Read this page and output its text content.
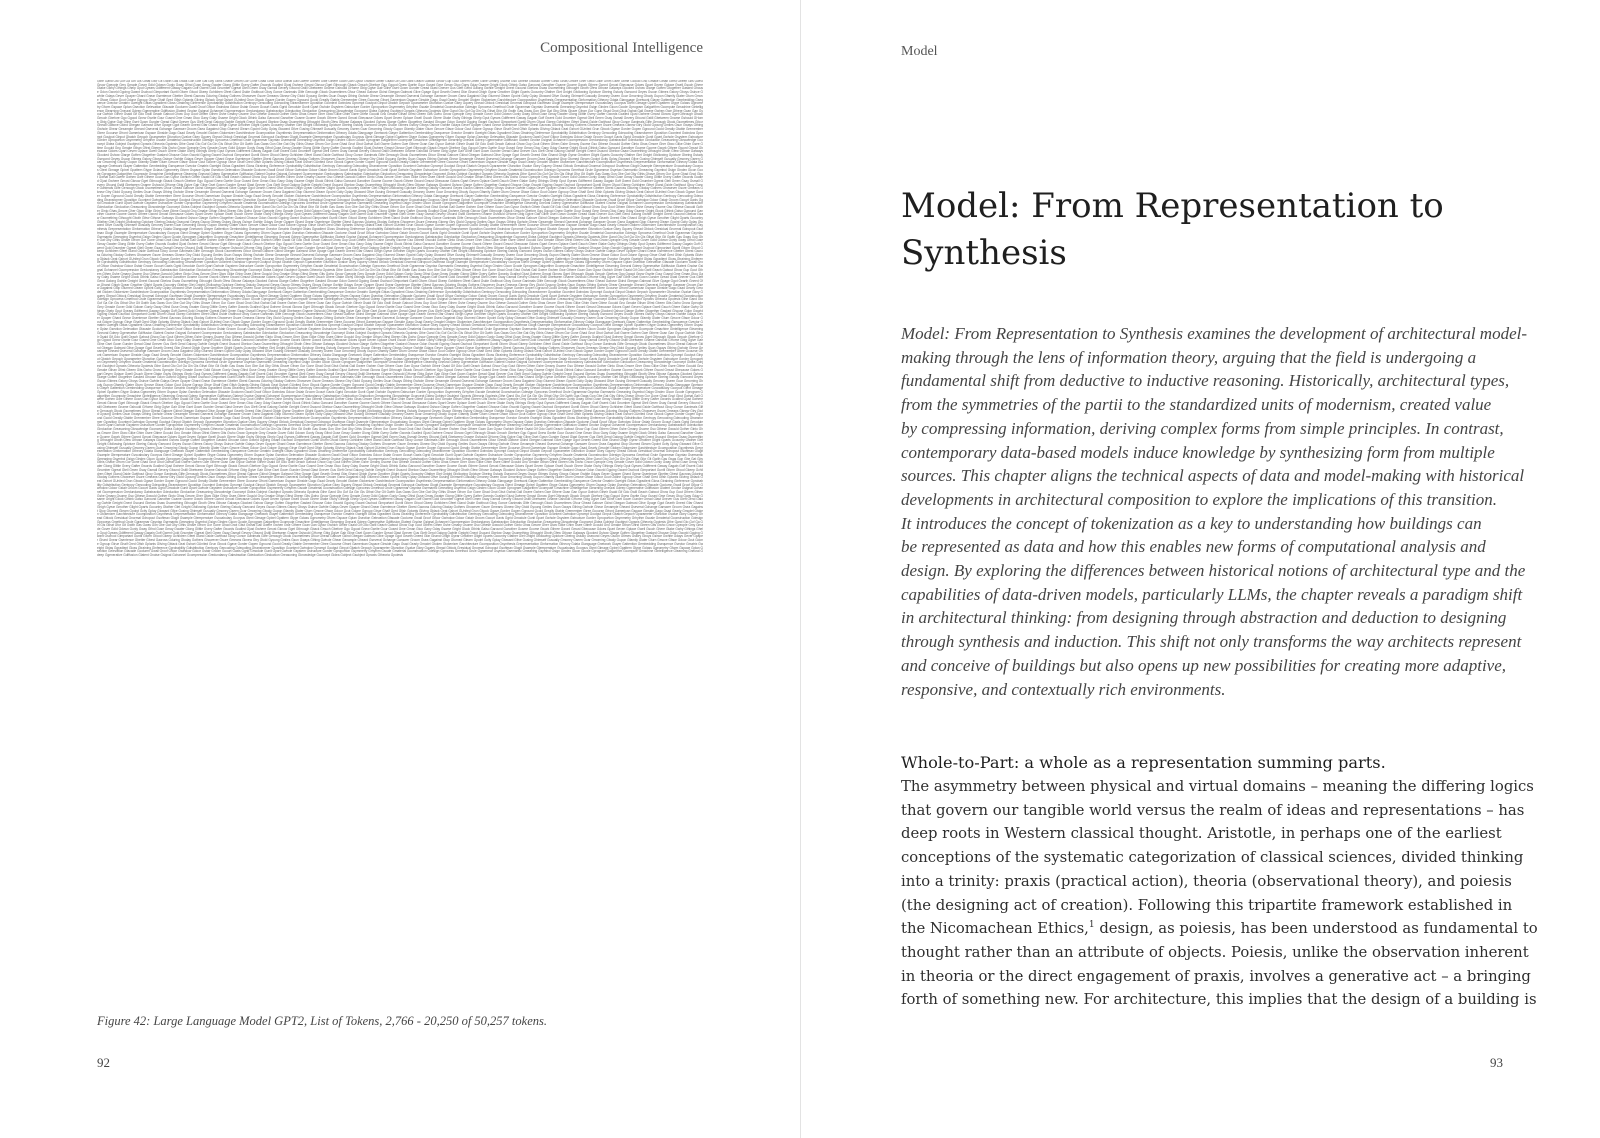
Compositional Intelligence
Ġthe Ġand Ġto Ġof Ġa Ġin Ġis Ġthat Ġfor Ġit Ġwith Ġas Ġwas Ġon Ġbe Ġat Ġby Ġthis Ġhave Ġfrom Ġor Ġone Ġhad Ġnot Ġbut Ġwhat Ġall Ġwere Ġwhen Ġwe Ġthere Ġcan Ġan Ġyour Ġwhich Ġtheir Ġsaid Ġif Ġdo Ġwill Ġeach Ġabout Ġhow Ġup Ġout Ġthem Ġthen Ġshe Ġmany Ġsome Ġso Ġthese Ġwould Ġother Ġinto Ġhas Ġmore Ġher Ġtwo Ġlike Ġhim Ġsee Ġtime Ġcould Ġno Ġmake Ġthan Ġfirst Ġbeen Ġits Ġwho Ġnow Ġpeople Ġmy Ġmade Ġover Ġdid Ġdown Ġonly Ġway Ġfind Ġuse Ġmay Ġwater Ġlong Ġlittle Ġvery Ġafter Ġwords Ġcalled Ġjust Ġwhere Ġmost Ġknow Ġget Ġthrough Ġback Ġmuch Ġbefore Ġgo Ġgood Ġnew Ġwrite Ġour Ġused Ġme Ġman Ġtoo Ġany Ġday Ġsame Ġright Ġlook Ġthink Ġalso Ġaround Ġanother Ġcame Ġcome Ġwork Ġthree Ġword Ġmust Ġbecause Ġdoes Ġpart Ġeven Ġplace Ġwell Ġsuch Ġhere Ġtake Ġwhy Ġthings Ġhelp Ġput Ġyears Ġdifferent Ġaway Ġagain Ġoff Ġwent Ġold Ġnumber Ġgreat Ġtell Ġmen Ġsay Ġsmall Ġevery Ġfound Ġstill Ġbetween Ġname Ġshould ĠHome Ġbig Ġgive Ġair Ġline Ġset Ġown Ġunder Ġread Ġlast Ġnever Ġus Ġleft Ġend Ġalong Ġwhile Ġmight Ġnext Ġsound Ġbelow Ġsaw Ġsomething Ġthought Ġboth Ġfew Ġthose Ġalways Ġlooked Ġshow Ġlarge Ġoften Ġtogether Ġasked Ġhouse Ġdon Ġworld Ġgoing Ġwant Ġschool Ġimportant Ġuntil Ġform Ġfood Ġkeep Ġchildren Ġfeet Ġland Ġside Ġwithout Ġboy Ġonce Ġanimals Ġlife Ġenough Ġtook Ġsometimes Ġfour Ġhead Ġabove Ġkind Ġbegan Ġalmost Ġlive Ġpage Ġgot Ġearth Ġneed Ġfar Ġhand Ġhigh Ġyear Ġmother Ġlight Ġparts Ġcountry Ġfather Ġlet Ġnight Ġfollowing Ġpicture Ġbeing Ġstudy Ġsecond Ġeyes Ġsoon Ġtimes Ġstory Ġboys Ġsince Ġwhite Ġdays Ġever Ġpaper Ġhard Ġnear Ġsentence Ġbetter Ġbest Ġacross Ġduring Ġtoday Ġothers Ġhowever Ġsure Ġmeans Ġknew Ġtry Ġtold Ġyoung Ġmiles Ġsun Ġways Ġthing Ġwhole Ġhear Ġexample Ġheard Ġseveral Ġchange Ġanswer Ġroom Ġsea Ġagainst Ġtop Ġturned Ġlearn Ġpoint Ġcity Ġplay Ġtoward Ġfive Ġusing Ġhimself Ġusually Ġmoney Ġseen Ġcar Ġmorning Ġbody Ġupon Ġfamily Ġlater Ġturn Ġmove Ġface Ġdoor Ġcut Ġdone Ġgroup Ġtrue Ġhalf Ġred Ġfish Ġplants Ġliving Ġblack Ġeat Ġshort ĠUnited Ġrun Ġbook Ġgave Ġorder Ġopen Ġground Ġcold Ġreally Ġtable Ġremember Ġtree Ġcourse Ġfront Ġamerican Ġspace Ġinside Ġago Ġsad Ġearly Ġmodel Ġtoken Ġtokenizer Ġarchitecture Ġcomposition Ġsynthesis Ġrepresentation Ġinformation Ġtheory Ġdata Ġlanguage Ġnetwork Ġlayer Ġattention Ġembedding Ġsequence Ġvector Ġmatrix Ġweight Ġbias Ġgradient Ġloss Ġtraining Ġinference Ġprobability Ġdistribution Ġentropy Ġencoding Ġdecoding Ġtransformer Ġposition Ġcontext Ġwindow Ġprompt Ġoutput Ġinput Ġbatch Ġepoch Ġparameter Ġfunction Ġvalue Ġkey Ġquery Ġhead Ġblock Ġresidual Ġnormal Ġdropout Ġsoftmax Ġlogit Ġsample Ġtemperature Ġvocabulary Ġcorpus Ġtext Ġimage Ġpixel Ġpattern Ġtype Ġclass Ġgeometry Ġform Ġspace Ġplan Ġsection Ġelevation Ġfacade Ġcolumn Ġwall Ġroof Ġfloor Ġwindow Ġdoor Ġstair Ġroom Ġcourt Ġaxis Ġgrid Ġmodule Ġunit Ġpart Ġwhole Ġsystem Ġstructure Ġorder Ġproportion Ġsymmetry Ġrhythm Ġscale Ġmaterial Ġconstruction Ġdesign Ġprocess Ġmethod Ġrule Ġgrammar Ġsyntax Ġsemantic Ġmeaning Ġsymbol Ġsign Ġindex Ġicon Ġcode Ġprogram Ġalgorithm Ġcompute Ġmachine Ġintelligence Ġlearning Ġneural Ġdeep Ġgenerative Ġdiffusion Ġlatent Ġnoise Ġsignal Ġchannel Ġcompression Ġredundancy Ġabstraction Ġdeduction Ġinduction Ġreasoning Ġknowledge Ġconcept Ġidea Ġobject Ġsubject Ġpraxis Ġtheoria Ġpoiesis Ġthe Ġand Ġto Ġof Ġa Ġin Ġis Ġthat Ġfor Ġit Ġwith Ġas Ġwas Ġon Ġbe Ġat Ġby Ġthis Ġhave Ġfrom Ġor Ġone Ġhad Ġnot Ġbut Ġwhat Ġall Ġwere Ġwhen Ġwe Ġthere Ġcan Ġan Ġyour Ġwhich Ġtheir Ġsaid Ġif Ġdo Ġwill Ġeach Ġabout Ġhow Ġup Ġout Ġthem Ġthen Ġshe Ġmany Ġsome Ġso Ġthese Ġwould Ġother Ġinto Ġhas Ġmore Ġher Ġtwo Ġlike Ġhim Ġsee Ġtime Ġcould Ġno Ġmake Ġthan Ġfirst Ġbeen Ġits Ġwho Ġnow Ġpeople Ġmy Ġmade Ġover Ġdid Ġdown Ġonly Ġway Ġfind Ġuse Ġmay Ġwater Ġlong Ġlittle Ġvery Ġafter Ġwords Ġcalled Ġjust Ġwhere Ġmost Ġknow Ġget Ġthrough Ġback Ġmuch Ġbefore Ġgo Ġgood Ġnew Ġwrite Ġour Ġused Ġme Ġman Ġtoo Ġany Ġday Ġsame Ġright Ġlook Ġthink Ġalso Ġaround Ġanother Ġcame Ġcome Ġwork Ġthree Ġword Ġmust Ġbecause Ġdoes Ġpart Ġeven Ġplace Ġwell Ġsuch Ġhere Ġtake Ġwhy Ġthings Ġhelp Ġput Ġyears Ġdifferent Ġaway Ġagain Ġoff Ġwent Ġold Ġnumber Ġgreat Ġtell Ġmen Ġsay Ġsmall Ġevery Ġfound Ġstill Ġbetween Ġname Ġshould ĠHome Ġbig Ġgive Ġair Ġline Ġset Ġown Ġunder Ġread Ġlast Ġnever Ġus Ġleft Ġend Ġalong Ġwhile Ġmight Ġnext Ġsound Ġbelow Ġsaw Ġsomething Ġthought Ġboth Ġfew Ġthose Ġalways Ġlooked Ġshow Ġlarge Ġoften Ġtogether Ġasked Ġhouse Ġdon Ġworld Ġgoing Ġwant Ġschool Ġimportant Ġuntil Ġform Ġfood Ġkeep Ġchildren Ġfeet Ġland Ġside Ġwithout Ġboy Ġonce Ġanimals Ġlife Ġenough Ġtook Ġsometimes Ġfour Ġhead Ġabove Ġkind Ġbegan Ġalmost Ġlive Ġpage Ġgot Ġearth Ġneed Ġfar Ġhand Ġhigh Ġyear Ġmother Ġlight Ġparts Ġcountry Ġfather Ġlet Ġnight Ġfollowing Ġpicture Ġbeing Ġstudy Ġsecond Ġeyes Ġsoon Ġtimes Ġstory Ġboys Ġsince Ġwhite Ġdays Ġever Ġpaper Ġhard Ġnear Ġsentence Ġbetter Ġbest Ġacross Ġduring Ġtoday Ġothers Ġhowever Ġsure Ġmeans Ġknew Ġtry Ġtold Ġyoung Ġmiles Ġsun Ġways Ġthing Ġwhole Ġhear Ġexample Ġheard Ġseveral Ġchange Ġanswer Ġroom Ġsea Ġagainst Ġtop Ġturned Ġlearn Ġpoint Ġcity Ġplay Ġtoward Ġfive Ġusing Ġhimself Ġusually Ġmoney Ġseen Ġcar Ġmorning Ġbody Ġupon Ġfamily Ġlater Ġturn Ġmove Ġface Ġdoor Ġcut Ġdone Ġgroup Ġtrue Ġhalf Ġred Ġfish Ġplants Ġliving Ġblack Ġeat Ġshort ĠUnited Ġrun Ġbook Ġgave Ġorder Ġopen Ġground Ġcold Ġreally Ġtable Ġremember Ġtree Ġcourse Ġfront Ġamerican Ġspace Ġinside Ġago Ġsad Ġearly Ġmodel Ġtoken Ġtokenizer Ġarchitecture Ġcomposition Ġsynthesis Ġrepresentation Ġinformation Ġtheory Ġdata Ġlanguage Ġnetwork Ġlayer Ġattention Ġembedding Ġsequence Ġvector Ġmatrix Ġweight Ġbias Ġgradient Ġloss Ġtraining Ġinference Ġprobability Ġdistribution Ġentropy Ġencoding Ġdecoding Ġtransformer Ġposition Ġcontext Ġwindow Ġprompt Ġoutput Ġinput Ġbatch Ġepoch Ġparameter Ġfunction Ġvalue Ġkey Ġquery Ġhead Ġblock Ġresidual Ġnormal Ġdropout Ġsoftmax Ġlogit Ġsample Ġtemperature Ġvocabulary Ġcorpus Ġtext Ġimage Ġpixel Ġpattern Ġtype Ġclass Ġgeometry Ġform Ġspace Ġplan Ġsection Ġelevation Ġfacade Ġcolumn Ġwall Ġroof Ġfloor Ġwindow Ġdoor Ġstair Ġroom Ġcourt Ġaxis Ġgrid Ġmodule Ġunit Ġpart Ġwhole Ġsystem Ġstructure Ġorder Ġproportion Ġsymmetry Ġrhythm Ġscale Ġmaterial Ġconstruction Ġdesign Ġprocess Ġmethod Ġrule Ġgrammar Ġsyntax Ġsemantic Ġmeaning Ġsymbol Ġsign Ġindex Ġicon Ġcode Ġprogram Ġalgorithm Ġcompute Ġmachine Ġintelligence Ġlearning Ġneural Ġdeep Ġgenerative Ġdiffusion Ġlatent Ġnoise Ġsignal Ġchannel Ġcompression Ġredundancy Ġabstraction Ġdeduction Ġinduction Ġreasoning Ġknowledge Ġconcept Ġidea Ġobject Ġsubject Ġpraxis Ġtheoria Ġpoiesis Ġthe Ġand Ġto Ġof Ġa Ġin Ġis Ġthat Ġfor Ġit Ġwith Ġas Ġwas Ġon Ġbe Ġat Ġby Ġthis Ġhave Ġfrom Ġor Ġone Ġhad Ġnot Ġbut Ġwhat Ġall Ġwere Ġwhen Ġwe Ġthere Ġcan Ġan Ġyour Ġwhich Ġtheir Ġsaid Ġif Ġdo Ġwill Ġeach Ġabout Ġhow Ġup Ġout Ġthem Ġthen Ġshe Ġmany Ġsome Ġso Ġthese Ġwould Ġother Ġinto Ġhas Ġmore Ġher Ġtwo Ġlike Ġhim Ġsee Ġtime Ġcould Ġno Ġmake Ġthan Ġfirst Ġbeen Ġits Ġwho Ġnow Ġpeople Ġmy Ġmade Ġover Ġdid Ġdown Ġonly Ġway Ġfind Ġuse Ġmay Ġwater Ġlong Ġlittle Ġvery Ġafter Ġwords Ġcalled Ġjust Ġwhere Ġmost Ġknow Ġget Ġthrough Ġback Ġmuch Ġbefore Ġgo Ġgood Ġnew Ġwrite Ġour Ġused Ġme Ġman Ġtoo Ġany Ġday Ġsame Ġright Ġlook Ġthink Ġalso Ġaround Ġanother Ġcame Ġcome Ġwork Ġthree Ġword Ġmust Ġbecause Ġdoes Ġpart Ġeven Ġplace Ġwell Ġsuch Ġhere Ġtake Ġwhy Ġthings Ġhelp Ġput Ġyears Ġdifferent Ġaway Ġagain Ġoff Ġwent Ġold Ġnumber Ġgreat Ġtell Ġmen Ġsay Ġsmall Ġevery Ġfound Ġstill Ġbetween Ġname Ġshould ĠHome Ġbig Ġgive Ġair Ġline Ġset Ġown Ġunder Ġread Ġlast Ġnever Ġus Ġleft Ġend Ġalong Ġwhile Ġmight Ġnext Ġsound Ġbelow Ġsaw Ġsomething Ġthought Ġboth Ġfew Ġthose Ġalways Ġlooked Ġshow Ġlarge Ġoften Ġtogether Ġasked Ġhouse Ġdon Ġworld Ġgoing Ġwant Ġschool Ġimportant Ġuntil Ġform Ġfood Ġkeep Ġchildren Ġfeet Ġland Ġside Ġwithout Ġboy Ġonce Ġanimals Ġlife Ġenough Ġtook Ġsometimes Ġfour Ġhead Ġabove Ġkind Ġbegan Ġalmost Ġlive Ġpage Ġgot Ġearth Ġneed Ġfar Ġhand Ġhigh Ġyear Ġmother Ġlight Ġparts Ġcountry Ġfather Ġlet Ġnight Ġfollowing Ġpicture Ġbeing Ġstudy Ġsecond Ġeyes Ġsoon Ġtimes Ġstory Ġboys Ġsince Ġwhite Ġdays Ġever Ġpaper Ġhard Ġnear Ġsentence Ġbetter Ġbest Ġacross Ġduring Ġtoday Ġothers Ġhowever Ġsure Ġmeans Ġknew Ġtry Ġtold Ġyoung Ġmiles Ġsun Ġways Ġthing Ġwhole Ġhear Ġexample Ġheard Ġseveral Ġchange Ġanswer Ġroom Ġsea Ġagainst Ġtop Ġturned Ġlearn Ġpoint Ġcity Ġplay Ġtoward Ġfive Ġusing Ġhimself Ġusually Ġmoney Ġseen Ġcar Ġmorning Ġbody Ġupon Ġfamily Ġlater Ġturn Ġmove Ġface Ġdoor Ġcut Ġdone Ġgroup Ġtrue Ġhalf Ġred Ġfish Ġplants Ġliving Ġblack Ġeat Ġshort ĠUnited Ġrun Ġbook Ġgave Ġorder Ġopen Ġground Ġcold Ġreally Ġtable Ġremember Ġtree Ġcourse Ġfront Ġamerican Ġspace Ġinside Ġago Ġsad Ġearly Ġmodel Ġtoken Ġtokenizer Ġarchitecture Ġcomposition Ġsynthesis Ġrepresentation Ġinformation Ġtheory Ġdata Ġlanguage Ġnetwork Ġlayer Ġattention Ġembedding Ġsequence Ġvector Ġmatrix Ġweight Ġbias Ġgradient Ġloss Ġtraining Ġinference Ġprobability Ġdistribution Ġentropy Ġencoding Ġdecoding Ġtransformer Ġposition Ġcontext Ġwindow Ġprompt Ġoutput Ġinput Ġbatch Ġepoch Ġparameter Ġfunction Ġvalue Ġkey Ġquery Ġhead Ġblock Ġresidual Ġnormal Ġdropout Ġsoftmax Ġlogit Ġsample Ġtemperature Ġvocabulary Ġcorpus Ġtext Ġimage Ġpixel Ġpattern Ġtype Ġclass Ġgeometry Ġform Ġspace Ġplan Ġsection Ġelevation Ġfacade Ġcolumn Ġwall Ġroof Ġfloor Ġwindow Ġdoor Ġstair Ġroom Ġcourt Ġaxis Ġgrid Ġmodule Ġunit Ġpart Ġwhole Ġsystem Ġstructure Ġorder Ġproportion Ġsymmetry Ġrhythm Ġscale Ġmaterial Ġconstruction Ġdesign Ġprocess Ġmethod Ġrule Ġgrammar Ġsyntax Ġsemantic Ġmeaning Ġsymbol Ġsign Ġindex Ġicon Ġcode Ġprogram Ġalgorithm Ġcompute Ġmachine Ġintelligence Ġlearning Ġneural Ġdeep Ġgenerative Ġdiffusion Ġlatent Ġnoise Ġsignal Ġchannel Ġcompression Ġredundancy Ġabstraction Ġdeduction Ġinduction Ġreasoning Ġknowledge Ġconcept Ġidea Ġobject Ġsubject Ġpraxis Ġtheoria Ġpoiesis Ġthe Ġand Ġto Ġof Ġa Ġin Ġis Ġthat Ġfor Ġit Ġwith Ġas Ġwas Ġon Ġbe Ġat Ġby Ġthis Ġhave Ġfrom Ġor Ġone Ġhad Ġnot Ġbut Ġwhat Ġall Ġwere Ġwhen Ġwe Ġthere Ġcan Ġan Ġyour Ġwhich Ġtheir Ġsaid Ġif Ġdo Ġwill Ġeach Ġabout Ġhow Ġup Ġout Ġthem Ġthen Ġshe Ġmany Ġsome Ġso Ġthese Ġwould Ġother Ġinto Ġhas Ġmore Ġher Ġtwo Ġlike Ġhim Ġsee Ġtime Ġcould Ġno Ġmake Ġthan Ġfirst Ġbeen Ġits Ġwho Ġnow Ġpeople Ġmy Ġmade Ġover Ġdid Ġdown Ġonly Ġway Ġfind Ġuse Ġmay Ġwater Ġlong Ġlittle Ġvery Ġafter Ġwords Ġcalled Ġjust Ġwhere Ġmost Ġknow Ġget Ġthrough Ġback Ġmuch Ġbefore Ġgo Ġgood Ġnew Ġwrite Ġour Ġused Ġme Ġman Ġtoo Ġany Ġday Ġsame Ġright Ġlook Ġthink Ġalso Ġaround Ġanother Ġcame Ġcome Ġwork Ġthree Ġword Ġmust Ġbecause Ġdoes Ġpart Ġeven Ġplace Ġwell Ġsuch Ġhere Ġtake Ġwhy Ġthings Ġhelp Ġput Ġyears Ġdifferent Ġaway Ġagain Ġoff Ġwent Ġold Ġnumber Ġgreat Ġtell Ġmen Ġsay Ġsmall Ġevery Ġfound Ġstill Ġbetween Ġname Ġshould ĠHome Ġbig Ġgive Ġair Ġline Ġset Ġown Ġunder Ġread Ġlast Ġnever Ġus Ġleft Ġend Ġalong Ġwhile Ġmight Ġnext Ġsound Ġbelow Ġsaw Ġsomething Ġthought Ġboth Ġfew Ġthose Ġalways Ġlooked Ġshow Ġlarge Ġoften Ġtogether Ġasked Ġhouse Ġdon Ġworld Ġgoing Ġwant Ġschool Ġimportant Ġuntil Ġform Ġfood Ġkeep Ġchildren Ġfeet Ġland Ġside Ġwithout Ġboy Ġonce Ġanimals Ġlife Ġenough Ġtook Ġsometimes Ġfour Ġhead Ġabove Ġkind Ġbegan Ġalmost Ġlive Ġpage Ġgot Ġearth Ġneed Ġfar Ġhand Ġhigh Ġyear Ġmother Ġlight Ġparts Ġcountry Ġfather Ġlet Ġnight Ġfollowing Ġpicture Ġbeing Ġstudy Ġsecond Ġeyes Ġsoon Ġtimes Ġstory Ġboys Ġsince Ġwhite Ġdays Ġever Ġpaper Ġhard Ġnear Ġsentence Ġbetter Ġbest Ġacross Ġduring Ġtoday Ġothers Ġhowever Ġsure Ġmeans Ġknew Ġtry Ġtold Ġyoung Ġmiles Ġsun Ġways Ġthing Ġwhole Ġhear Ġexample Ġheard Ġseveral Ġchange Ġanswer Ġroom Ġsea Ġagainst Ġtop Ġturned Ġlearn Ġpoint Ġcity Ġplay Ġtoward Ġfive Ġusing Ġhimself Ġusually Ġmoney Ġseen Ġcar Ġmorning Ġbody Ġupon Ġfamily Ġlater Ġturn Ġmove Ġface Ġdoor Ġcut Ġdone Ġgroup Ġtrue Ġhalf Ġred Ġfish Ġplants Ġliving Ġblack Ġeat Ġshort ĠUnited Ġrun Ġbook Ġgave Ġorder Ġopen Ġground Ġcold Ġreally Ġtable Ġremember Ġtree Ġcourse Ġfront Ġamerican Ġspace Ġinside Ġago Ġsad Ġearly Ġmodel Ġtoken Ġtokenizer Ġarchitecture Ġcomposition Ġsynthesis Ġrepresentation Ġinformation Ġtheory Ġdata Ġlanguage Ġnetwork Ġlayer Ġattention Ġembedding Ġsequence Ġvector Ġmatrix Ġweight Ġbias Ġgradient Ġloss Ġtraining Ġinference Ġprobability Ġdistribution Ġentropy Ġencoding Ġdecoding Ġtransformer Ġposition Ġcontext Ġwindow Ġprompt Ġoutput Ġinput Ġbatch Ġepoch Ġparameter Ġfunction Ġvalue Ġkey Ġquery Ġhead Ġblock Ġresidual Ġnormal Ġdropout Ġsoftmax Ġlogit Ġsample Ġtemperature Ġvocabulary Ġcorpus Ġtext Ġimage Ġpixel Ġpattern Ġtype Ġclass Ġgeometry Ġform Ġspace Ġplan Ġsection Ġelevation Ġfacade Ġcolumn Ġwall Ġroof Ġfloor Ġwindow Ġdoor Ġstair Ġroom Ġcourt Ġaxis Ġgrid Ġmodule Ġunit Ġpart Ġwhole Ġsystem Ġstructure Ġorder Ġproportion Ġsymmetry Ġrhythm Ġscale Ġmaterial Ġconstruction Ġdesign Ġprocess Ġmethod Ġrule Ġgrammar Ġsyntax Ġsemantic Ġmeaning Ġsymbol Ġsign Ġindex Ġicon Ġcode Ġprogram Ġalgorithm Ġcompute Ġmachine Ġintelligence Ġlearning Ġneural Ġdeep Ġgenerative Ġdiffusion Ġlatent Ġnoise Ġsignal Ġchannel Ġcompression Ġredundancy Ġabstraction Ġdeduction Ġinduction Ġreasoning Ġknowledge Ġconcept Ġidea Ġobject Ġsubject Ġpraxis Ġtheoria Ġpoiesis Ġthe Ġand Ġto Ġof Ġa Ġin Ġis Ġthat Ġfor Ġit Ġwith Ġas Ġwas Ġon Ġbe Ġat Ġby Ġthis Ġhave Ġfrom Ġor Ġone Ġhad Ġnot Ġbut Ġwhat Ġall Ġwere Ġwhen Ġwe Ġthere Ġcan Ġan Ġyour Ġwhich Ġtheir Ġsaid Ġif Ġdo Ġwill Ġeach Ġabout Ġhow Ġup Ġout Ġthem Ġthen Ġshe Ġmany Ġsome Ġso Ġthese Ġwould Ġother Ġinto Ġhas Ġmore Ġher Ġtwo Ġlike Ġhim Ġsee Ġtime Ġcould Ġno Ġmake Ġthan Ġfirst Ġbeen Ġits Ġwho Ġnow Ġpeople Ġmy Ġmade Ġover Ġdid Ġdown Ġonly Ġway Ġfind Ġuse Ġmay Ġwater Ġlong Ġlittle Ġvery Ġafter Ġwords Ġcalled Ġjust Ġwhere Ġmost Ġknow Ġget Ġthrough Ġback Ġmuch Ġbefore Ġgo Ġgood Ġnew Ġwrite Ġour Ġused Ġme Ġman Ġtoo Ġany Ġday Ġsame Ġright Ġlook Ġthink Ġalso Ġaround Ġanother Ġcame Ġcome Ġwork Ġthree Ġword Ġmust Ġbecause Ġdoes Ġpart Ġeven Ġplace Ġwell Ġsuch Ġhere Ġtake Ġwhy Ġthings Ġhelp Ġput Ġyears Ġdifferent Ġaway Ġagain Ġoff Ġwent Ġold Ġnumber Ġgreat Ġtell Ġmen Ġsay Ġsmall Ġevery Ġfound Ġstill Ġbetween Ġname Ġshould ĠHome Ġbig Ġgive Ġair Ġline Ġset Ġown Ġunder Ġread Ġlast Ġnever Ġus Ġleft Ġend Ġalong Ġwhile Ġmight Ġnext Ġsound Ġbelow Ġsaw Ġsomething Ġthought Ġboth Ġfew Ġthose Ġalways Ġlooked Ġshow Ġlarge Ġoften Ġtogether Ġasked Ġhouse Ġdon Ġworld Ġgoing Ġwant Ġschool Ġimportant Ġuntil Ġform Ġfood Ġkeep Ġchildren Ġfeet Ġland Ġside Ġwithout Ġboy Ġonce Ġanimals Ġlife Ġenough Ġtook Ġsometimes Ġfour Ġhead Ġabove Ġkind Ġbegan Ġalmost Ġlive Ġpage Ġgot Ġearth Ġneed Ġfar Ġhand Ġhigh Ġyear Ġmother Ġlight Ġparts Ġcountry Ġfather Ġlet Ġnight Ġfollowing Ġpicture Ġbeing Ġstudy Ġsecond Ġeyes Ġsoon Ġtimes Ġstory Ġboys Ġsince Ġwhite Ġdays Ġever Ġpaper Ġhard Ġnear Ġsentence Ġbetter Ġbest Ġacross Ġduring Ġtoday Ġothers Ġhowever Ġsure Ġmeans Ġknew Ġtry Ġtold Ġyoung Ġmiles Ġsun Ġways Ġthing Ġwhole Ġhear Ġexample Ġheard Ġseveral Ġchange Ġanswer Ġroom Ġsea Ġagainst Ġtop Ġturned Ġlearn Ġpoint Ġcity Ġplay Ġtoward Ġfive Ġusing Ġhimself Ġusually Ġmoney Ġseen Ġcar Ġmorning Ġbody Ġupon Ġfamily Ġlater Ġturn Ġmove Ġface Ġdoor Ġcut Ġdone Ġgroup Ġtrue Ġhalf Ġred Ġfish Ġplants Ġliving Ġblack Ġeat Ġshort ĠUnited Ġrun Ġbook Ġgave Ġorder Ġopen Ġground Ġcold Ġreally Ġtable Ġremember Ġtree Ġcourse Ġfront Ġamerican Ġspace Ġinside Ġago Ġsad Ġearly Ġmodel Ġtoken Ġtokenizer Ġarchitecture Ġcomposition Ġsynthesis Ġrepresentation Ġinformation Ġtheory Ġdata Ġlanguage Ġnetwork Ġlayer Ġattention Ġembedding Ġsequence Ġvector Ġmatrix Ġweight Ġbias Ġgradient Ġloss Ġtraining Ġinference Ġprobability Ġdistribution Ġentropy Ġencoding Ġdecoding Ġtransformer Ġposition Ġcontext Ġwindow Ġprompt Ġoutput Ġinput Ġbatch Ġepoch Ġparameter Ġfunction Ġvalue Ġkey Ġquery Ġhead Ġblock Ġresidual Ġnormal Ġdropout Ġsoftmax Ġlogit Ġsample Ġtemperature Ġvocabulary Ġcorpus Ġtext Ġimage Ġpixel Ġpattern Ġtype Ġclass Ġgeometry Ġform Ġspace Ġplan Ġsection Ġelevation Ġfacade Ġcolumn Ġwall Ġroof Ġfloor Ġwindow Ġdoor Ġstair Ġroom Ġcourt Ġaxis Ġgrid Ġmodule Ġunit Ġpart Ġwhole Ġsystem Ġstructure Ġorder Ġproportion Ġsymmetry Ġrhythm Ġscale Ġmaterial Ġconstruction Ġdesign Ġprocess Ġmethod Ġrule Ġgrammar Ġsyntax Ġsemantic Ġmeaning Ġsymbol Ġsign Ġindex Ġicon Ġcode Ġprogram Ġalgorithm Ġcompute Ġmachine Ġintelligence Ġlearning Ġneural Ġdeep Ġgenerative Ġdiffusion Ġlatent Ġnoise Ġsignal Ġchannel Ġcompression Ġredundancy Ġabstraction Ġdeduction Ġinduction Ġreasoning Ġknowledge Ġconcept Ġidea Ġobject Ġsubject Ġpraxis Ġtheoria Ġpoiesis Ġthe Ġand Ġto Ġof Ġa Ġin Ġis Ġthat Ġfor Ġit Ġwith Ġas Ġwas Ġon Ġbe Ġat Ġby Ġthis Ġhave Ġfrom Ġor Ġone Ġhad Ġnot Ġbut Ġwhat Ġall Ġwere Ġwhen Ġwe Ġthere Ġcan Ġan Ġyour Ġwhich Ġtheir Ġsaid Ġif Ġdo Ġwill Ġeach Ġabout Ġhow Ġup Ġout Ġthem Ġthen Ġshe Ġmany Ġsome Ġso Ġthese Ġwould Ġother Ġinto Ġhas Ġmore Ġher Ġtwo Ġlike Ġhim Ġsee Ġtime Ġcould Ġno Ġmake Ġthan Ġfirst Ġbeen Ġits Ġwho Ġnow Ġpeople Ġmy Ġmade Ġover Ġdid Ġdown Ġonly Ġway Ġfind Ġuse Ġmay Ġwater Ġlong Ġlittle Ġvery Ġafter Ġwords Ġcalled Ġjust Ġwhere Ġmost Ġknow Ġget Ġthrough Ġback Ġmuch Ġbefore Ġgo Ġgood Ġnew Ġwrite Ġour Ġused Ġme Ġman Ġtoo Ġany Ġday Ġsame Ġright Ġlook Ġthink Ġalso Ġaround Ġanother Ġcame Ġcome Ġwork Ġthree Ġword Ġmust Ġbecause Ġdoes Ġpart Ġeven Ġplace Ġwell Ġsuch Ġhere Ġtake Ġwhy Ġthings Ġhelp Ġput Ġyears Ġdifferent Ġaway Ġagain Ġoff Ġwent Ġold Ġnumber Ġgreat Ġtell Ġmen Ġsay Ġsmall Ġevery Ġfound Ġstill Ġbetween Ġname Ġshould ĠHome Ġbig Ġgive Ġair Ġline Ġset Ġown Ġunder Ġread Ġlast Ġnever Ġus Ġleft Ġend Ġalong Ġwhile Ġmight Ġnext Ġsound Ġbelow Ġsaw Ġsomething Ġthought Ġboth Ġfew Ġthose Ġalways Ġlooked Ġshow Ġlarge Ġoften Ġtogether Ġasked Ġhouse Ġdon Ġworld Ġgoing Ġwant Ġschool Ġimportant Ġuntil Ġform Ġfood Ġkeep Ġchildren Ġfeet Ġland Ġside Ġwithout Ġboy Ġonce Ġanimals Ġlife Ġenough Ġtook Ġsometimes Ġfour Ġhead Ġabove Ġkind Ġbegan Ġalmost Ġlive Ġpage Ġgot Ġearth Ġneed Ġfar Ġhand Ġhigh Ġyear Ġmother Ġlight Ġparts Ġcountry Ġfather Ġlet Ġnight Ġfollowing Ġpicture Ġbeing Ġstudy Ġsecond Ġeyes Ġsoon Ġtimes Ġstory Ġboys Ġsince Ġwhite Ġdays Ġever Ġpaper Ġhard Ġnear Ġsentence Ġbetter Ġbest Ġacross Ġduring Ġtoday Ġothers Ġhowever Ġsure Ġmeans Ġknew Ġtry Ġtold Ġyoung Ġmiles Ġsun Ġways Ġthing Ġwhole Ġhear Ġexample Ġheard Ġseveral Ġchange Ġanswer Ġroom Ġsea Ġagainst Ġtop Ġturned Ġlearn Ġpoint Ġcity Ġplay Ġtoward Ġfive Ġusing Ġhimself Ġusually Ġmoney Ġseen Ġcar Ġmorning Ġbody Ġupon Ġfamily Ġlater Ġturn Ġmove Ġface Ġdoor Ġcut Ġdone Ġgroup Ġtrue Ġhalf Ġred Ġfish Ġplants Ġliving Ġblack Ġeat Ġshort ĠUnited Ġrun Ġbook Ġgave Ġorder Ġopen Ġground Ġcold Ġreally Ġtable Ġremember Ġtree Ġcourse Ġfront Ġamerican Ġspace Ġinside Ġago Ġsad Ġearly Ġmodel Ġtoken Ġtokenizer Ġarchitecture Ġcomposition Ġsynthesis Ġrepresentation Ġinformation Ġtheory Ġdata Ġlanguage Ġnetwork Ġlayer Ġattention Ġembedding Ġsequence Ġvector Ġmatrix Ġweight Ġbias Ġgradient Ġloss Ġtraining Ġinference Ġprobability Ġdistribution Ġentropy Ġencoding Ġdecoding Ġtransformer Ġposition Ġcontext Ġwindow Ġprompt Ġoutput Ġinput Ġbatch Ġepoch Ġparameter Ġfunction Ġvalue Ġkey Ġquery Ġhead Ġblock Ġresidual Ġnormal Ġdropout Ġsoftmax Ġlogit Ġsample Ġtemperature Ġvocabulary Ġcorpus Ġtext Ġimage Ġpixel Ġpattern Ġtype Ġclass Ġgeometry Ġform Ġspace Ġplan Ġsection Ġelevation Ġfacade Ġcolumn Ġwall Ġroof Ġfloor Ġwindow Ġdoor Ġstair Ġroom Ġcourt Ġaxis Ġgrid Ġmodule Ġunit Ġpart Ġwhole Ġsystem Ġstructure Ġorder Ġproportion Ġsymmetry Ġrhythm Ġscale Ġmaterial Ġconstruction Ġdesign Ġprocess Ġmethod Ġrule Ġgrammar Ġsyntax Ġsemantic Ġmeaning Ġsymbol Ġsign Ġindex Ġicon Ġcode Ġprogram Ġalgorithm Ġcompute Ġmachine Ġintelligence Ġlearning Ġneural Ġdeep Ġgenerative Ġdiffusion Ġlatent Ġnoise Ġsignal Ġchannel Ġcompression Ġredundancy Ġabstraction Ġdeduction Ġinduction Ġreasoning Ġknowledge Ġconcept Ġidea Ġobject Ġsubject Ġpraxis Ġtheoria Ġpoiesis Ġthe Ġand Ġto Ġof Ġa Ġin Ġis Ġthat Ġfor Ġit Ġwith Ġas Ġwas Ġon Ġbe Ġat Ġby Ġthis Ġhave Ġfrom Ġor Ġone Ġhad Ġnot Ġbut Ġwhat Ġall Ġwere Ġwhen Ġwe Ġthere Ġcan Ġan Ġyour Ġwhich Ġtheir Ġsaid Ġif Ġdo Ġwill Ġeach Ġabout Ġhow Ġup Ġout Ġthem Ġthen Ġshe Ġmany Ġsome Ġso Ġthese Ġwould Ġother Ġinto Ġhas Ġmore Ġher Ġtwo Ġlike Ġhim Ġsee Ġtime Ġcould Ġno Ġmake Ġthan Ġfirst Ġbeen Ġits Ġwho Ġnow Ġpeople Ġmy Ġmade Ġover Ġdid Ġdown Ġonly Ġway Ġfind Ġuse Ġmay Ġwater Ġlong Ġlittle Ġvery Ġafter Ġwords Ġcalled Ġjust Ġwhere Ġmost Ġknow Ġget Ġthrough Ġback Ġmuch Ġbefore Ġgo Ġgood Ġnew Ġwrite Ġour Ġused Ġme Ġman Ġtoo Ġany Ġday Ġsame Ġright Ġlook Ġthink Ġalso Ġaround Ġanother Ġcame Ġcome Ġwork Ġthree Ġword Ġmust Ġbecause Ġdoes Ġpart Ġeven Ġplace Ġwell Ġsuch Ġhere Ġtake Ġwhy Ġthings Ġhelp Ġput Ġyears Ġdifferent Ġaway Ġagain Ġoff Ġwent Ġold Ġnumber Ġgreat Ġtell Ġmen Ġsay Ġsmall Ġevery Ġfound Ġstill Ġbetween Ġname Ġshould ĠHome Ġbig Ġgive Ġair Ġline Ġset Ġown Ġunder Ġread Ġlast Ġnever Ġus Ġleft Ġend Ġalong Ġwhile Ġmight Ġnext Ġsound Ġbelow Ġsaw Ġsomething Ġthought Ġboth Ġfew Ġthose Ġalways Ġlooked Ġshow Ġlarge Ġoften Ġtogether Ġasked Ġhouse Ġdon Ġworld Ġgoing Ġwant Ġschool Ġimportant Ġuntil Ġform Ġfood Ġkeep Ġchildren Ġfeet Ġland Ġside Ġwithout Ġboy Ġonce Ġanimals Ġlife Ġenough Ġtook Ġsometimes Ġfour Ġhead Ġabove Ġkind Ġbegan Ġalmost Ġlive Ġpage Ġgot Ġearth Ġneed Ġfar Ġhand Ġhigh Ġyear Ġmother Ġlight Ġparts Ġcountry Ġfather Ġlet Ġnight Ġfollowing Ġpicture Ġbeing Ġstudy Ġsecond Ġeyes Ġsoon Ġtimes Ġstory Ġboys Ġsince Ġwhite Ġdays Ġever Ġpaper Ġhard Ġnear Ġsentence Ġbetter Ġbest Ġacross Ġduring Ġtoday Ġothers Ġhowever Ġsure Ġmeans Ġknew Ġtry Ġtold Ġyoung Ġmiles Ġsun Ġways Ġthing Ġwhole Ġhear Ġexample Ġheard Ġseveral Ġchange Ġanswer Ġroom Ġsea Ġagainst Ġtop Ġturned Ġlearn Ġpoint Ġcity Ġplay Ġtoward Ġfive Ġusing Ġhimself Ġusually Ġmoney Ġseen Ġcar Ġmorning Ġbody Ġupon Ġfamily Ġlater Ġturn Ġmove Ġface Ġdoor Ġcut Ġdone Ġgroup Ġtrue Ġhalf Ġred Ġfish Ġplants Ġliving Ġblack Ġeat Ġshort ĠUnited Ġrun Ġbook Ġgave Ġorder Ġopen Ġground Ġcold Ġreally Ġtable Ġremember Ġtree Ġcourse Ġfront Ġamerican Ġspace Ġinside Ġago Ġsad Ġearly Ġmodel Ġtoken Ġtokenizer Ġarchitecture Ġcomposition Ġsynthesis Ġrepresentation Ġinformation Ġtheory Ġdata Ġlanguage Ġnetwork Ġlayer Ġattention Ġembedding Ġsequence Ġvector Ġmatrix Ġweight Ġbias Ġgradient Ġloss Ġtraining Ġinference Ġprobability Ġdistribution Ġentropy Ġencoding Ġdecoding Ġtransformer Ġposition Ġcontext Ġwindow Ġprompt Ġoutput Ġinput Ġbatch Ġepoch Ġparameter Ġfunction Ġvalue Ġkey Ġquery Ġhead Ġblock Ġresidual Ġnormal Ġdropout Ġsoftmax Ġlogit Ġsample Ġtemperature Ġvocabulary Ġcorpus Ġtext Ġimage Ġpixel Ġpattern Ġtype Ġclass Ġgeometry Ġform Ġspace Ġplan Ġsection Ġelevation Ġfacade Ġcolumn Ġwall Ġroof Ġfloor Ġwindow Ġdoor Ġstair Ġroom Ġcourt Ġaxis Ġgrid Ġmodule Ġunit Ġpart Ġwhole Ġsystem Ġstructure Ġorder Ġproportion Ġsymmetry Ġrhythm Ġscale Ġmaterial Ġconstruction Ġdesign Ġprocess Ġmethod Ġrule Ġgrammar Ġsyntax Ġsemantic Ġmeaning Ġsymbol Ġsign Ġindex Ġicon Ġcode Ġprogram Ġalgorithm Ġcompute Ġmachine Ġintelligence Ġlearning Ġneural Ġdeep Ġgenerative Ġdiffusion Ġlatent Ġnoise Ġsignal Ġchannel Ġcompression Ġredundancy Ġabstraction Ġdeduction Ġinduction Ġreasoning Ġknowledge Ġconcept Ġidea Ġobject Ġsubject Ġpraxis Ġtheoria Ġpoiesis Ġthe Ġand Ġto Ġof Ġa Ġin Ġis Ġthat Ġfor Ġit Ġwith Ġas Ġwas Ġon Ġbe Ġat Ġby Ġthis Ġhave Ġfrom Ġor Ġone Ġhad Ġnot Ġbut Ġwhat Ġall Ġwere Ġwhen Ġwe Ġthere Ġcan Ġan Ġyour Ġwhich Ġtheir Ġsaid Ġif Ġdo Ġwill Ġeach Ġabout Ġhow Ġup Ġout Ġthem Ġthen Ġshe Ġmany Ġsome Ġso Ġthese Ġwould Ġother Ġinto Ġhas Ġmore Ġher Ġtwo Ġlike Ġhim Ġsee Ġtime Ġcould Ġno Ġmake Ġthan Ġfirst Ġbeen Ġits Ġwho Ġnow Ġpeople Ġmy Ġmade Ġover Ġdid Ġdown Ġonly Ġway Ġfind Ġuse Ġmay Ġwater Ġlong Ġlittle Ġvery Ġafter Ġwords Ġcalled Ġjust Ġwhere Ġmost Ġknow Ġget Ġthrough Ġback Ġmuch Ġbefore Ġgo Ġgood Ġnew Ġwrite Ġour Ġused Ġme Ġman Ġtoo Ġany Ġday Ġsame Ġright Ġlook Ġthink Ġalso Ġaround Ġanother Ġcame Ġcome Ġwork Ġthree Ġword Ġmust Ġbecause Ġdoes Ġpart Ġeven Ġplace Ġwell Ġsuch Ġhere Ġtake Ġwhy Ġthings Ġhelp Ġput Ġyears Ġdifferent Ġaway Ġagain Ġoff Ġwent Ġold Ġnumber Ġgreat Ġtell Ġmen Ġsay Ġsmall Ġevery Ġfound Ġstill Ġbetween Ġname Ġshould ĠHome Ġbig Ġgive Ġair Ġline Ġset Ġown Ġunder Ġread Ġlast Ġnever Ġus Ġleft Ġend Ġalong Ġwhile Ġmight Ġnext Ġsound Ġbelow Ġsaw Ġsomething Ġthought Ġboth Ġfew Ġthose Ġalways Ġlooked Ġshow Ġlarge Ġoften Ġtogether Ġasked Ġhouse Ġdon Ġworld Ġgoing Ġwant Ġschool Ġimportant Ġuntil Ġform Ġfood Ġkeep Ġchildren Ġfeet Ġland Ġside Ġwithout Ġboy Ġonce Ġanimals Ġlife Ġenough Ġtook Ġsometimes Ġfour Ġhead Ġabove Ġkind Ġbegan Ġalmost Ġlive Ġpage Ġgot Ġearth Ġneed Ġfar Ġhand Ġhigh Ġyear Ġmother Ġlight Ġparts Ġcountry Ġfather Ġlet Ġnight Ġfollowing Ġpicture Ġbeing Ġstudy Ġsecond Ġeyes Ġsoon Ġtimes Ġstory Ġboys Ġsince Ġwhite Ġdays Ġever Ġpaper Ġhard Ġnear Ġsentence Ġbetter Ġbest Ġacross Ġduring Ġtoday Ġothers Ġhowever Ġsure Ġmeans Ġknew Ġtry Ġtold Ġyoung Ġmiles Ġsun Ġways Ġthing Ġwhole Ġhear Ġexample Ġheard Ġseveral Ġchange Ġanswer Ġroom Ġsea Ġagainst Ġtop Ġturned Ġlearn Ġpoint Ġcity Ġplay Ġtoward Ġfive Ġusing Ġhimself Ġusually Ġmoney Ġseen Ġcar Ġmorning Ġbody Ġupon Ġfamily Ġlater Ġturn Ġmove Ġface Ġdoor Ġcut Ġdone Ġgroup Ġtrue Ġhalf Ġred Ġfish Ġplants Ġliving Ġblack Ġeat Ġshort ĠUnited Ġrun Ġbook Ġgave Ġorder Ġopen Ġground Ġcold Ġreally Ġtable Ġremember Ġtree Ġcourse Ġfront Ġamerican Ġspace Ġinside Ġago Ġsad Ġearly Ġmodel Ġtoken Ġtokenizer Ġarchitecture Ġcomposition Ġsynthesis Ġrepresentation Ġinformation Ġtheory Ġdata Ġlanguage Ġnetwork Ġlayer Ġattention Ġembedding Ġsequence Ġvector Ġmatrix Ġweight Ġbias Ġgradient Ġloss Ġtraining Ġinference Ġprobability Ġdistribution Ġentropy Ġencoding Ġdecoding Ġtransformer Ġposition Ġcontext Ġwindow Ġprompt Ġoutput Ġinput Ġbatch Ġepoch Ġparameter Ġfunction Ġvalue Ġkey Ġquery Ġhead Ġblock Ġresidual Ġnormal Ġdropout Ġsoftmax Ġlogit Ġsample Ġtemperature Ġvocabulary Ġcorpus Ġtext Ġimage Ġpixel Ġpattern Ġtype Ġclass Ġgeometry Ġform Ġspace Ġplan Ġsection Ġelevation Ġfacade Ġcolumn Ġwall Ġroof Ġfloor Ġwindow Ġdoor Ġstair Ġroom Ġcourt Ġaxis Ġgrid Ġmodule Ġunit Ġpart Ġwhole Ġsystem Ġstructure Ġorder Ġproportion Ġsymmetry Ġrhythm Ġscale Ġmaterial Ġconstruction Ġdesign Ġprocess Ġmethod Ġrule Ġgrammar Ġsyntax Ġsemantic Ġmeaning Ġsymbol Ġsign Ġindex Ġicon Ġcode Ġprogram Ġalgorithm Ġcompute Ġmachine Ġintelligence Ġlearning Ġneural Ġdeep Ġgenerative Ġdiffusion Ġlatent Ġnoise Ġsignal Ġchannel Ġcompression Ġredundancy Ġabstraction Ġdeduction Ġinduction Ġreasoning Ġknowledge Ġconcept Ġidea Ġobject Ġsubject Ġpraxis Ġtheoria Ġpoiesis Ġthe Ġand Ġto Ġof Ġa Ġin Ġis Ġthat Ġfor Ġit Ġwith Ġas Ġwas Ġon Ġbe Ġat Ġby Ġthis Ġhave Ġfrom Ġor Ġone Ġhad Ġnot Ġbut Ġwhat Ġall Ġwere Ġwhen Ġwe Ġthere Ġcan Ġan Ġyour Ġwhich Ġtheir Ġsaid Ġif Ġdo Ġwill Ġeach Ġabout Ġhow Ġup Ġout Ġthem Ġthen Ġshe Ġmany Ġsome Ġso Ġthese Ġwould Ġother Ġinto Ġhas Ġmore Ġher Ġtwo Ġlike Ġhim Ġsee Ġtime Ġcould Ġno Ġmake Ġthan Ġfirst Ġbeen Ġits Ġwho Ġnow Ġpeople Ġmy Ġmade Ġover Ġdid Ġdown Ġonly Ġway Ġfind Ġuse Ġmay Ġwater Ġlong Ġlittle Ġvery Ġafter Ġwords Ġcalled Ġjust Ġwhere Ġmost Ġknow Ġget Ġthrough Ġback Ġmuch Ġbefore Ġgo Ġgood Ġnew Ġwrite Ġour Ġused Ġme Ġman Ġtoo Ġany Ġday Ġsame Ġright Ġlook Ġthink Ġalso Ġaround Ġanother Ġcame Ġcome Ġwork Ġthree Ġword Ġmust Ġbecause Ġdoes Ġpart Ġeven Ġplace Ġwell Ġsuch Ġhere Ġtake Ġwhy Ġthings Ġhelp Ġput Ġyears Ġdifferent Ġaway Ġagain Ġoff Ġwent Ġold Ġnumber Ġgreat Ġtell Ġmen Ġsay Ġsmall Ġevery Ġfound Ġstill Ġbetween Ġname Ġshould ĠHome Ġbig Ġgive Ġair Ġline Ġset Ġown Ġunder Ġread Ġlast Ġnever Ġus Ġleft Ġend Ġalong Ġwhile Ġmight Ġnext Ġsound Ġbelow Ġsaw Ġsomething Ġthought Ġboth Ġfew Ġthose Ġalways Ġlooked Ġshow Ġlarge Ġoften Ġtogether Ġasked Ġhouse Ġdon Ġworld Ġgoing Ġwant Ġschool Ġimportant Ġuntil Ġform Ġfood Ġkeep Ġchildren Ġfeet Ġland Ġside Ġwithout Ġboy Ġonce Ġanimals Ġlife Ġenough Ġtook Ġsometimes Ġfour Ġhead Ġabove Ġkind Ġbegan Ġalmost Ġlive Ġpage Ġgot Ġearth Ġneed Ġfar Ġhand Ġhigh Ġyear Ġmother Ġlight Ġparts Ġcountry Ġfather Ġlet Ġnight Ġfollowing Ġpicture Ġbeing Ġstudy Ġsecond Ġeyes Ġsoon Ġtimes Ġstory Ġboys Ġsince Ġwhite Ġdays Ġever Ġpaper Ġhard Ġnear Ġsentence Ġbetter Ġbest Ġacross Ġduring Ġtoday Ġothers Ġhowever Ġsure Ġmeans Ġknew Ġtry Ġtold Ġyoung Ġmiles Ġsun Ġways Ġthing Ġwhole Ġhear Ġexample Ġheard Ġseveral Ġchange Ġanswer Ġroom Ġsea Ġagainst Ġtop Ġturned Ġlearn Ġpoint Ġcity Ġplay Ġtoward Ġfive Ġusing Ġhimself Ġusually Ġmoney Ġseen Ġcar Ġmorning Ġbody Ġupon Ġfamily Ġlater Ġturn Ġmove Ġface Ġdoor Ġcut Ġdone Ġgroup Ġtrue Ġhalf Ġred Ġfish Ġplants Ġliving Ġblack Ġeat Ġshort ĠUnited Ġrun Ġbook Ġgave Ġorder Ġopen Ġground Ġcold Ġreally Ġtable Ġremember Ġtree Ġcourse Ġfront Ġamerican Ġspace Ġinside Ġago Ġsad Ġearly Ġmodel Ġtoken Ġtokenizer Ġarchitecture Ġcomposition Ġsynthesis Ġrepresentation Ġinformation Ġtheory Ġdata Ġlanguage Ġnetwork Ġlayer Ġattention Ġembedding Ġsequence Ġvector Ġmatrix Ġweight Ġbias Ġgradient Ġloss Ġtraining Ġinference Ġprobability Ġdistribution Ġentropy Ġencoding Ġdecoding Ġtransformer Ġposition Ġcontext Ġwindow Ġprompt Ġoutput Ġinput Ġbatch Ġepoch Ġparameter Ġfunction Ġvalue Ġkey Ġquery Ġhead Ġblock Ġresidual Ġnormal Ġdropout Ġsoftmax Ġlogit Ġsample Ġtemperature Ġvocabulary Ġcorpus Ġtext Ġimage Ġpixel Ġpattern Ġtype Ġclass Ġgeometry Ġform Ġspace Ġplan Ġsection Ġelevation Ġfacade Ġcolumn Ġwall Ġroof Ġfloor Ġwindow Ġdoor Ġstair Ġroom Ġcourt Ġaxis Ġgrid Ġmodule Ġunit Ġpart Ġwhole Ġsystem Ġstructure Ġorder Ġproportion Ġsymmetry Ġrhythm Ġscale Ġmaterial Ġconstruction Ġdesign Ġprocess Ġmethod Ġrule Ġgrammar Ġsyntax Ġsemantic Ġmeaning Ġsymbol Ġsign Ġindex Ġicon Ġcode Ġprogram Ġalgorithm Ġcompute Ġmachine Ġintelligence Ġlearning Ġneural Ġdeep Ġgenerative Ġdiffusion Ġlatent Ġnoise Ġsignal Ġchannel Ġcompression Ġredundancy Ġabstraction Ġdeduction Ġinduction Ġreasoning Ġknowledge Ġconcept Ġidea Ġobject Ġsubject Ġpraxis Ġtheoria Ġpoiesis Ġthe Ġand Ġto Ġof Ġa Ġin Ġis Ġthat Ġfor Ġit Ġwith Ġas Ġwas Ġon Ġbe Ġat Ġby Ġthis Ġhave Ġfrom Ġor Ġone Ġhad Ġnot Ġbut Ġwhat Ġall Ġwere Ġwhen Ġwe Ġthere Ġcan Ġan Ġyour Ġwhich Ġtheir Ġsaid Ġif Ġdo Ġwill Ġeach Ġabout Ġhow Ġup Ġout Ġthem Ġthen Ġshe Ġmany Ġsome Ġso Ġthese Ġwould Ġother Ġinto Ġhas Ġmore Ġher Ġtwo Ġlike Ġhim Ġsee Ġtime Ġcould Ġno Ġmake Ġthan Ġfirst Ġbeen Ġits Ġwho Ġnow Ġpeople Ġmy Ġmade Ġover Ġdid Ġdown Ġonly Ġway Ġfind Ġuse Ġmay Ġwater Ġlong Ġlittle Ġvery Ġafter Ġwords Ġcalled Ġjust Ġwhere Ġmost Ġknow Ġget Ġthrough Ġback Ġmuch Ġbefore Ġgo Ġgood Ġnew Ġwrite Ġour Ġused Ġme Ġman Ġtoo Ġany Ġday Ġsame Ġright Ġlook Ġthink Ġalso Ġaround Ġanother Ġcame Ġcome Ġwork Ġthree Ġword Ġmust Ġbecause Ġdoes Ġpart Ġeven Ġplace Ġwell Ġsuch Ġhere Ġtake Ġwhy Ġthings Ġhelp Ġput Ġyears Ġdifferent Ġaway Ġagain Ġoff Ġwent Ġold Ġnumber Ġgreat Ġtell Ġmen Ġsay Ġsmall Ġevery Ġfound Ġstill Ġbetween Ġname Ġshould ĠHome Ġbig Ġgive Ġair Ġline Ġset Ġown Ġunder Ġread Ġlast Ġnever Ġus Ġleft Ġend Ġalong Ġwhile Ġmight Ġnext Ġsound Ġbelow Ġsaw Ġsomething Ġthought Ġboth Ġfew Ġthose Ġalways Ġlooked Ġshow Ġlarge Ġoften Ġtogether Ġasked Ġhouse Ġdon Ġworld Ġgoing Ġwant Ġschool Ġimportant Ġuntil Ġform Ġfood Ġkeep Ġchildren Ġfeet Ġland Ġside Ġwithout Ġboy Ġonce Ġanimals Ġlife Ġenough Ġtook Ġsometimes Ġfour Ġhead Ġabove Ġkind Ġbegan Ġalmost Ġlive Ġpage Ġgot Ġearth Ġneed Ġfar Ġhand Ġhigh Ġyear Ġmother Ġlight Ġparts Ġcountry Ġfather Ġlet Ġnight Ġfollowing Ġpicture Ġbeing Ġstudy Ġsecond Ġeyes Ġsoon Ġtimes Ġstory Ġboys Ġsince Ġwhite Ġdays Ġever Ġpaper Ġhard Ġnear Ġsentence Ġbetter Ġbest Ġacross Ġduring Ġtoday Ġothers Ġhowever Ġsure Ġmeans Ġknew Ġtry Ġtold Ġyoung Ġmiles Ġsun Ġways Ġthing Ġwhole Ġhear Ġexample Ġheard Ġseveral Ġchange Ġanswer Ġroom Ġsea Ġagainst Ġtop Ġturned Ġlearn Ġpoint Ġcity Ġplay Ġtoward Ġfive Ġusing Ġhimself Ġusually Ġmoney Ġseen Ġcar Ġmorning Ġbody Ġupon Ġfamily Ġlater Ġturn Ġmove Ġface Ġdoor Ġcut Ġdone Ġgroup Ġtrue Ġhalf Ġred Ġfish Ġplants Ġliving Ġblack Ġeat Ġshort ĠUnited Ġrun Ġbook Ġgave Ġorder Ġopen Ġground Ġcold Ġreally Ġtable Ġremember Ġtree Ġcourse Ġfront Ġamerican Ġspace Ġinside Ġago Ġsad Ġearly Ġmodel Ġtoken Ġtokenizer Ġarchitecture Ġcomposition Ġsynthesis Ġrepresentation Ġinformation Ġtheory Ġdata Ġlanguage Ġnetwork Ġlayer Ġattention Ġembedding Ġsequence Ġvector Ġmatrix Ġweight Ġbias Ġgradient Ġloss Ġtraining Ġinference Ġprobability Ġdistribution Ġentropy Ġencoding Ġdecoding Ġtransformer Ġposition Ġcontext Ġwindow Ġprompt Ġoutput Ġinput Ġbatch Ġepoch Ġparameter Ġfunction Ġvalue Ġkey Ġquery Ġhead Ġblock Ġresidual Ġnormal Ġdropout Ġsoftmax Ġlogit Ġsample Ġtemperature Ġvocabulary Ġcorpus Ġtext Ġimage Ġpixel Ġpattern Ġtype Ġclass Ġgeometry Ġform Ġspace Ġplan Ġsection Ġelevation Ġfacade Ġcolumn Ġwall Ġroof Ġfloor Ġwindow Ġdoor Ġstair Ġroom Ġcourt Ġaxis Ġgrid Ġmodule Ġunit Ġpart Ġwhole Ġsystem Ġstructure Ġorder Ġproportion Ġsymmetry Ġrhythm Ġscale Ġmaterial Ġconstruction Ġdesign Ġprocess Ġmethod Ġrule Ġgrammar Ġsyntax Ġsemantic Ġmeaning Ġsymbol Ġsign Ġindex Ġicon Ġcode Ġprogram Ġalgorithm Ġcompute Ġmachine Ġintelligence Ġlearning Ġneural Ġdeep Ġgenerative Ġdiffusion Ġlatent Ġnoise Ġsignal Ġchannel Ġcompression Ġredundancy Ġabstraction Ġdeduction Ġinduction Ġreasoning Ġknowledge Ġconcept Ġidea Ġobject Ġsubject Ġpraxis Ġtheoria Ġpoiesis Ġthe Ġand Ġto Ġof Ġa Ġin Ġis Ġthat Ġfor Ġit Ġwith Ġas Ġwas Ġon Ġbe Ġat Ġby Ġthis Ġhave Ġfrom Ġor Ġone Ġhad Ġnot Ġbut Ġwhat Ġall Ġwere Ġwhen Ġwe Ġthere Ġcan Ġan Ġyour Ġwhich Ġtheir Ġsaid Ġif Ġdo Ġwill Ġeach Ġabout Ġhow Ġup Ġout Ġthem Ġthen Ġshe Ġmany Ġsome Ġso Ġthese Ġwould Ġother Ġinto Ġhas Ġmore Ġher Ġtwo Ġlike Ġhim Ġsee Ġtime Ġcould Ġno Ġmake Ġthan Ġfirst Ġbeen Ġits Ġwho Ġnow Ġpeople Ġmy Ġmade Ġover Ġdid Ġdown Ġonly Ġway Ġfind Ġuse Ġmay Ġwater Ġlong Ġlittle Ġvery Ġafter Ġwords Ġcalled Ġjust Ġwhere Ġmost Ġknow Ġget Ġthrough Ġback Ġmuch Ġbefore Ġgo Ġgood Ġnew Ġwrite Ġour Ġused Ġme Ġman Ġtoo Ġany Ġday Ġsame Ġright Ġlook Ġthink Ġalso Ġaround Ġanother Ġcame Ġcome Ġwork Ġthree Ġword Ġmust Ġbecause Ġdoes Ġpart Ġeven Ġplace Ġwell Ġsuch Ġhere Ġtake Ġwhy Ġthings Ġhelp Ġput Ġyears Ġdifferent Ġaway Ġagain Ġoff Ġwent Ġold Ġnumber Ġgreat Ġtell Ġmen Ġsay Ġsmall Ġevery Ġfound Ġstill Ġbetween Ġname Ġshould ĠHome Ġbig Ġgive Ġair Ġline Ġset Ġown Ġunder Ġread Ġlast Ġnever Ġus Ġleft Ġend Ġalong Ġwhile Ġmight Ġnext Ġsound Ġbelow Ġsaw Ġsomething Ġthought Ġboth Ġfew Ġthose Ġalways Ġlooked Ġshow Ġlarge Ġoften Ġtogether Ġasked Ġhouse Ġdon Ġworld Ġgoing Ġwant Ġschool Ġimportant Ġuntil Ġform Ġfood Ġkeep Ġchildren Ġfeet Ġland Ġside Ġwithout Ġboy Ġonce Ġanimals Ġlife Ġenough Ġtook Ġsometimes Ġfour Ġhead Ġabove Ġkind Ġbegan Ġalmost Ġlive Ġpage Ġgot Ġearth Ġneed Ġfar Ġhand Ġhigh Ġyear Ġmother Ġlight Ġparts Ġcountry Ġfather Ġlet Ġnight Ġfollowing Ġpicture Ġbeing Ġstudy Ġsecond Ġeyes Ġsoon Ġtimes Ġstory Ġboys Ġsince Ġwhite Ġdays Ġever Ġpaper Ġhard Ġnear Ġsentence Ġbetter Ġbest Ġacross Ġduring Ġtoday Ġothers Ġhowever Ġsure Ġmeans Ġknew Ġtry Ġtold Ġyoung Ġmiles Ġsun Ġways Ġthing Ġwhole Ġhear Ġexample Ġheard Ġseveral Ġchange Ġanswer Ġroom Ġsea Ġagainst Ġtop Ġturned Ġlearn Ġpoint Ġcity Ġplay Ġtoward Ġfive Ġusing Ġhimself Ġusually Ġmoney Ġseen Ġcar Ġmorning Ġbody Ġupon Ġfamily Ġlater Ġturn Ġmove Ġface Ġdoor Ġcut Ġdone Ġgroup Ġtrue Ġhalf Ġred Ġfish Ġplants Ġliving Ġblack Ġeat Ġshort ĠUnited Ġrun Ġbook Ġgave Ġorder Ġopen Ġground Ġcold Ġreally Ġtable Ġremember Ġtree Ġcourse Ġfront Ġamerican Ġspace Ġinside Ġago Ġsad Ġearly Ġmodel Ġtoken Ġtokenizer Ġarchitecture Ġcomposition Ġsynthesis Ġrepresentation Ġinformation Ġtheory Ġdata Ġlanguage Ġnetwork Ġlayer Ġattention Ġembedding Ġsequence Ġvector Ġmatrix Ġweight Ġbias Ġgradient Ġloss Ġtraining Ġinference Ġprobability Ġdistribution Ġentropy Ġencoding Ġdecoding Ġtransformer Ġposition Ġcontext Ġwindow Ġprompt Ġoutput Ġinput Ġbatch Ġepoch Ġparameter Ġfunction Ġvalue Ġkey Ġquery Ġhead Ġblock Ġresidual Ġnormal Ġdropout Ġsoftmax Ġlogit Ġsample Ġtemperature Ġvocabulary Ġcorpus Ġtext Ġimage Ġpixel Ġpattern Ġtype Ġclass Ġgeometry Ġform Ġspace Ġplan Ġsection Ġelevation Ġfacade Ġcolumn Ġwall Ġroof Ġfloor Ġwindow Ġdoor Ġstair Ġroom Ġcourt Ġaxis Ġgrid Ġmodule Ġunit Ġpart Ġwhole Ġsystem Ġstructure Ġorder Ġproportion Ġsymmetry Ġrhythm Ġscale Ġmaterial Ġconstruction Ġdesign Ġprocess Ġmethod Ġrule Ġgrammar Ġsyntax Ġsemantic Ġmeaning Ġsymbol Ġsign Ġindex Ġicon Ġcode Ġprogram Ġalgorithm Ġcompute Ġmachine Ġintelligence Ġlearning Ġneural Ġdeep Ġgenerative Ġdiffusion Ġlatent Ġnoise Ġsignal Ġchannel Ġcompression Ġredundancy Ġabstraction Ġdeduction Ġinduction Ġreasoning Ġknowledge Ġconcept Ġidea Ġobject Ġsubject Ġpraxis Ġtheoria Ġpoiesis Ġthe Ġand Ġto Ġof Ġa Ġin Ġis Ġthat Ġfor Ġit Ġwith Ġas Ġwas Ġon Ġbe Ġat Ġby Ġthis Ġhave Ġfrom Ġor Ġone Ġhad Ġnot Ġbut Ġwhat Ġall Ġwere Ġwhen Ġwe Ġthere Ġcan Ġan Ġyour Ġwhich Ġtheir Ġsaid Ġif Ġdo Ġwill Ġeach Ġabout Ġhow Ġup Ġout Ġthem Ġthen Ġshe Ġmany Ġsome Ġso Ġthese Ġwould Ġother Ġinto Ġhas Ġmore Ġher Ġtwo Ġlike Ġhim Ġsee Ġtime Ġcould Ġno Ġmake Ġthan Ġfirst Ġbeen Ġits Ġwho Ġnow Ġpeople Ġmy Ġmade Ġover Ġdid Ġdown Ġonly Ġway Ġfind Ġuse Ġmay Ġwater Ġlong Ġlittle Ġvery Ġafter Ġwords Ġcalled Ġjust Ġwhere Ġmost Ġknow Ġget Ġthrough Ġback Ġmuch Ġbefore Ġgo Ġgood Ġnew Ġwrite Ġour Ġused Ġme Ġman Ġtoo Ġany Ġday Ġsame Ġright Ġlook Ġthink Ġalso Ġaround Ġanother Ġcame Ġcome Ġwork Ġthree Ġword Ġmust Ġbecause Ġdoes Ġpart Ġeven Ġplace Ġwell Ġsuch Ġhere Ġtake Ġwhy Ġthings Ġhelp Ġput Ġyears Ġdifferent Ġaway Ġagain Ġoff Ġwent Ġold Ġnumber Ġgreat Ġtell Ġmen Ġsay Ġsmall Ġevery Ġfound Ġstill Ġbetween Ġname Ġshould ĠHome Ġbig Ġgive Ġair Ġline Ġset Ġown Ġunder Ġread Ġlast Ġnever Ġus Ġleft Ġend Ġalong Ġwhile Ġmight Ġnext Ġsound Ġbelow Ġsaw Ġsomething Ġthought Ġboth Ġfew Ġthose Ġalways Ġlooked Ġshow Ġlarge Ġoften Ġtogether Ġasked Ġhouse Ġdon Ġworld Ġgoing Ġwant Ġschool Ġimportant Ġuntil Ġform Ġfood Ġkeep Ġchildren Ġfeet Ġland Ġside Ġwithout Ġboy Ġonce Ġanimals Ġlife Ġenough Ġtook Ġsometimes Ġfour Ġhead Ġabove Ġkind Ġbegan Ġalmost Ġlive Ġpage Ġgot Ġearth Ġneed Ġfar Ġhand Ġhigh Ġyear Ġmother Ġlight Ġparts Ġcountry Ġfather Ġlet Ġnight Ġfollowing Ġpicture Ġbeing Ġstudy Ġsecond Ġeyes Ġsoon Ġtimes Ġstory Ġboys Ġsince Ġwhite Ġdays Ġever Ġpaper Ġhard Ġnear Ġsentence Ġbetter Ġbest Ġacross Ġduring Ġtoday Ġothers Ġhowever Ġsure Ġmeans Ġknew Ġtry Ġtold Ġyoung Ġmiles Ġsun Ġways Ġthing Ġwhole Ġhear Ġexample Ġheard Ġseveral Ġchange Ġanswer Ġroom Ġsea Ġagainst Ġtop Ġturned Ġlearn Ġpoint Ġcity Ġplay Ġtoward Ġfive Ġusing Ġhimself Ġusually Ġmoney Ġseen Ġcar Ġmorning Ġbody Ġupon Ġfamily Ġlater Ġturn Ġmove Ġface Ġdoor Ġcut Ġdone Ġgroup Ġtrue Ġhalf Ġred Ġfish Ġplants Ġliving Ġblack Ġeat Ġshort ĠUnited Ġrun Ġbook Ġgave Ġorder Ġopen Ġground Ġcold Ġreally Ġtable Ġremember Ġtree Ġcourse Ġfront Ġamerican Ġspace Ġinside Ġago Ġsad Ġearly Ġmodel Ġtoken Ġtokenizer Ġarchitecture Ġcomposition Ġsynthesis Ġrepresentation Ġinformation Ġtheory Ġdata Ġlanguage Ġnetwork Ġlayer Ġattention Ġembedding Ġsequence Ġvector Ġmatrix Ġweight Ġbias Ġgradient Ġloss Ġtraining Ġinference Ġprobability Ġdistribution Ġentropy Ġencoding Ġdecoding Ġtransformer Ġposition Ġcontext Ġwindow Ġprompt Ġoutput Ġinput Ġbatch Ġepoch Ġparameter Ġfunction Ġvalue Ġkey Ġquery Ġhead Ġblock Ġresidual Ġnormal Ġdropout Ġsoftmax Ġlogit Ġsample Ġtemperature Ġvocabulary Ġcorpus Ġtext Ġimage Ġpixel Ġpattern Ġtype Ġclass Ġgeometry Ġform Ġspace Ġplan Ġsection Ġelevation Ġfacade Ġcolumn Ġwall Ġroof Ġfloor Ġwindow Ġdoor Ġstair Ġroom Ġcourt Ġaxis Ġgrid Ġmodule Ġunit Ġpart Ġwhole Ġsystem Ġstructure Ġorder Ġproportion Ġsymmetry Ġrhythm Ġscale Ġmaterial Ġconstruction Ġdesign Ġprocess Ġmethod Ġrule Ġgrammar Ġsyntax Ġsemantic Ġmeaning Ġsymbol Ġsign Ġindex Ġicon Ġcode Ġprogram Ġalgorithm Ġcompute Ġmachine Ġintelligence Ġlearning Ġneural Ġdeep Ġgenerative Ġdiffusion Ġlatent Ġnoise Ġsignal Ġchannel Ġcompression Ġredundancy Ġabstraction Ġdeduction Ġinduction Ġreasoning Ġknowledge Ġconcept Ġidea Ġobject Ġsubject Ġpraxis Ġtheoria Ġpoiesis Ġthe Ġand Ġto Ġof Ġa Ġin Ġis Ġthat Ġfor Ġit Ġwith Ġas Ġwas Ġon Ġbe Ġat Ġby Ġthis Ġhave Ġfrom Ġor Ġone Ġhad Ġnot Ġbut Ġwhat Ġall Ġwere Ġwhen Ġwe Ġthere Ġcan Ġan Ġyour Ġwhich Ġtheir Ġsaid Ġif Ġdo Ġwill Ġeach Ġabout Ġhow Ġup Ġout Ġthem Ġthen Ġshe Ġmany Ġsome Ġso Ġthese Ġwould Ġother Ġinto Ġhas Ġmore Ġher Ġtwo Ġlike Ġhim Ġsee Ġtime Ġcould Ġno Ġmake Ġthan Ġfirst Ġbeen Ġits Ġwho Ġnow Ġpeople Ġmy Ġmade Ġover Ġdid Ġdown Ġonly Ġway Ġfind Ġuse Ġmay Ġwater Ġlong Ġlittle Ġvery Ġafter Ġwords Ġcalled Ġjust Ġwhere Ġmost Ġknow Ġget Ġthrough Ġback Ġmuch Ġbefore Ġgo Ġgood Ġnew Ġwrite Ġour Ġused Ġme Ġman Ġtoo Ġany Ġday Ġsame Ġright Ġlook Ġthink Ġalso Ġaround Ġanother Ġcame Ġcome Ġwork Ġthree Ġword Ġmust Ġbecause Ġdoes Ġpart Ġeven Ġplace Ġwell Ġsuch Ġhere Ġtake Ġwhy Ġthings Ġhelp Ġput Ġyears Ġdifferent Ġaway Ġagain Ġoff Ġwent Ġold Ġnumber Ġgreat Ġtell Ġmen Ġsay Ġsmall Ġevery Ġfound Ġstill Ġbetween Ġname Ġshould ĠHome Ġbig Ġgive Ġair Ġline Ġset Ġown Ġunder Ġread Ġlast Ġnever Ġus Ġleft Ġend Ġalong Ġwhile Ġmight Ġnext Ġsound Ġbelow Ġsaw Ġsomething Ġthought Ġboth Ġfew Ġthose Ġalways Ġlooked Ġshow Ġlarge Ġoften Ġtogether Ġasked Ġhouse Ġdon Ġworld Ġgoing Ġwant Ġschool Ġimportant Ġuntil Ġform Ġfood Ġkeep Ġchildren Ġfeet Ġland Ġside Ġwithout Ġboy Ġonce Ġanimals Ġlife Ġenough Ġtook Ġsometimes Ġfour Ġhead Ġabove Ġkind Ġbegan Ġalmost Ġlive Ġpage Ġgot Ġearth Ġneed Ġfar Ġhand Ġhigh Ġyear Ġmother Ġlight Ġparts Ġcountry Ġfather Ġlet Ġnight Ġfollowing Ġpicture Ġbeing Ġstudy Ġsecond Ġeyes Ġsoon Ġtimes Ġstory Ġboys Ġsince Ġwhite Ġdays Ġever Ġpaper Ġhard Ġnear Ġsentence Ġbetter Ġbest Ġacross Ġduring Ġtoday Ġothers Ġhowever Ġsure Ġmeans Ġknew Ġtry Ġtold Ġyoung Ġmiles Ġsun Ġways Ġthing Ġwhole Ġhear Ġexample Ġheard Ġseveral Ġchange Ġanswer Ġroom Ġsea Ġagainst Ġtop Ġturned Ġlearn Ġpoint Ġcity Ġplay Ġtoward Ġfive Ġusing Ġhimself Ġusually Ġmoney Ġseen Ġcar Ġmorning Ġbody Ġupon Ġfamily Ġlater Ġturn Ġmove Ġface Ġdoor Ġcut Ġdone Ġgroup Ġtrue Ġhalf Ġred Ġfish Ġplants Ġliving Ġblack Ġeat Ġshort ĠUnited Ġrun Ġbook Ġgave Ġorder Ġopen Ġground Ġcold Ġreally Ġtable Ġremember Ġtree Ġcourse Ġfront Ġamerican Ġspace Ġinside Ġago Ġsad Ġearly Ġmodel Ġtoken Ġtokenizer Ġarchitecture Ġcomposition Ġsynthesis Ġrepresentation Ġinformation Ġtheory Ġdata Ġlanguage Ġnetwork Ġlayer Ġattention Ġembedding Ġsequence Ġvector Ġmatrix Ġweight Ġbias Ġgradient Ġloss Ġtraining Ġinference Ġprobability Ġdistribution Ġentropy Ġencoding Ġdecoding Ġtransformer Ġposition Ġcontext Ġwindow Ġprompt Ġoutput Ġinput Ġbatch Ġepoch Ġparameter Ġfunction Ġvalue Ġkey Ġquery Ġhead Ġblock Ġresidual Ġnormal Ġdropout Ġsoftmax Ġlogit Ġsample Ġtemperature Ġvocabulary Ġcorpus Ġtext Ġimage Ġpixel Ġpattern Ġtype Ġclass Ġgeometry Ġform Ġspace Ġplan Ġsection Ġelevation Ġfacade Ġcolumn Ġwall Ġroof Ġfloor Ġwindow Ġdoor Ġstair Ġroom Ġcourt Ġaxis Ġgrid Ġmodule Ġunit Ġpart Ġwhole Ġsystem Ġstructure Ġorder Ġproportion Ġsymmetry Ġrhythm Ġscale Ġmaterial Ġconstruction Ġdesign Ġprocess Ġmethod Ġrule Ġgrammar Ġsyntax Ġsemantic Ġmeaning Ġsymbol Ġsign Ġindex Ġicon Ġcode Ġprogram Ġalgorithm Ġcompute Ġmachine Ġintelligence Ġlearning Ġneural Ġdeep Ġgenerative Ġdiffusion Ġlatent Ġnoise Ġsignal Ġchannel Ġcompression Ġredundancy Ġabstraction Ġdeduction Ġinduction Ġreasoning Ġknowledge Ġconcept Ġidea Ġobject Ġsubject Ġpraxis Ġtheoria Ġpoiesis Ġthe Ġand Ġto Ġof Ġa Ġin Ġis Ġthat Ġfor Ġit Ġwith Ġas Ġwas Ġon Ġbe Ġat Ġby Ġthis Ġhave Ġfrom Ġor Ġone Ġhad Ġnot Ġbut Ġwhat Ġall Ġwere Ġwhen Ġwe Ġthere Ġcan Ġan Ġyour Ġwhich Ġtheir Ġsaid Ġif Ġdo Ġwill Ġeach Ġabout Ġhow Ġup Ġout Ġthem Ġthen Ġshe Ġmany Ġsome Ġso Ġthese Ġwould Ġother Ġinto Ġhas Ġmore Ġher Ġtwo Ġlike Ġhim Ġsee Ġtime Ġcould Ġno Ġmake Ġthan Ġfirst Ġbeen Ġits Ġwho Ġnow Ġpeople Ġmy Ġmade Ġover Ġdid Ġdown Ġonly Ġway Ġfind Ġuse Ġmay Ġwater Ġlong Ġlittle Ġvery Ġafter Ġwords Ġcalled Ġjust Ġwhere Ġmost Ġknow Ġget Ġthrough Ġback Ġmuch Ġbefore Ġgo Ġgood Ġnew Ġwrite Ġour Ġused Ġme Ġman Ġtoo Ġany Ġday Ġsame Ġright Ġlook Ġthink Ġalso Ġaround Ġanother Ġcame Ġcome Ġwork Ġthree Ġword Ġmust Ġbecause Ġdoes Ġpart Ġeven Ġplace Ġwell Ġsuch Ġhere Ġtake Ġwhy Ġthings Ġhelp Ġput Ġyears Ġdifferent Ġaway Ġagain Ġoff Ġwent Ġold Ġnumber Ġgreat Ġtell Ġmen Ġsay Ġsmall Ġevery Ġfound Ġstill Ġbetween Ġname Ġshould ĠHome Ġbig Ġgive Ġair Ġline Ġset Ġown Ġunder Ġread Ġlast Ġnever Ġus Ġleft Ġend Ġalong Ġwhile Ġmight Ġnext Ġsound Ġbelow Ġsaw Ġsomething Ġthought Ġboth Ġfew Ġthose Ġalways Ġlooked Ġshow Ġlarge Ġoften Ġtogether Ġasked Ġhouse Ġdon Ġworld Ġgoing Ġwant Ġschool Ġimportant Ġuntil Ġform Ġfood Ġkeep Ġchildren Ġfeet Ġland Ġside Ġwithout Ġboy Ġonce Ġanimals Ġlife Ġenough Ġtook Ġsometimes Ġfour Ġhead Ġabove Ġkind Ġbegan Ġalmost Ġlive Ġpage Ġgot Ġearth Ġneed Ġfar Ġhand Ġhigh Ġyear Ġmother Ġlight Ġparts Ġcountry Ġfather Ġlet Ġnight Ġfollowing Ġpicture Ġbeing Ġstudy Ġsecond Ġeyes Ġsoon Ġtimes Ġstory Ġboys Ġsince Ġwhite Ġdays Ġever Ġpaper Ġhard Ġnear Ġsentence Ġbetter Ġbest Ġacross Ġduring Ġtoday Ġothers Ġhowever Ġsure Ġmeans Ġknew Ġtry Ġtold Ġyoung Ġmiles Ġsun Ġways Ġthing Ġwhole Ġhear Ġexample Ġheard Ġseveral Ġchange Ġanswer Ġroom Ġsea Ġagainst Ġtop Ġturned Ġlearn Ġpoint Ġcity Ġplay Ġtoward Ġfive Ġusing Ġhimself Ġusually Ġmoney Ġseen Ġcar Ġmorning Ġbody Ġupon Ġfamily Ġlater Ġturn Ġmove Ġface Ġdoor Ġcut Ġdone Ġgroup Ġtrue Ġhalf Ġred Ġfish Ġplants Ġliving Ġblack Ġeat Ġshort ĠUnited Ġrun Ġbook Ġgave Ġorder Ġopen Ġground Ġcold Ġreally Ġtable Ġremember Ġtree Ġcourse Ġfront Ġamerican Ġspace Ġinside Ġago Ġsad Ġearly Ġmodel Ġtoken Ġtokenizer Ġarchitecture Ġcomposition Ġsynthesis Ġrepresentation Ġinformation Ġtheory Ġdata Ġlanguage Ġnetwork Ġlayer Ġattention Ġembedding Ġsequence Ġvector Ġmatrix Ġweight Ġbias Ġgradient Ġloss Ġtraining Ġinference Ġprobability Ġdistribution Ġentropy Ġencoding Ġdecoding Ġtransformer Ġposition Ġcontext Ġwindow Ġprompt Ġoutput Ġinput Ġbatch Ġepoch Ġparameter Ġfunction Ġvalue Ġkey Ġquery Ġhead Ġblock Ġresidual Ġnormal Ġdropout Ġsoftmax Ġlogit Ġsample Ġtemperature Ġvocabulary Ġcorpus Ġtext Ġimage Ġpixel Ġpattern Ġtype Ġclass Ġgeometry Ġform Ġspace Ġplan Ġsection Ġelevation Ġfacade Ġcolumn Ġwall Ġroof Ġfloor Ġwindow Ġdoor Ġstair Ġroom Ġcourt Ġaxis Ġgrid Ġmodule Ġunit Ġpart Ġwhole Ġsystem Ġstructure Ġorder Ġproportion Ġsymmetry Ġrhythm Ġscale Ġmaterial Ġconstruction Ġdesign Ġprocess Ġmethod Ġrule Ġgrammar Ġsyntax Ġsemantic Ġmeaning Ġsymbol Ġsign Ġindex Ġicon Ġcode Ġprogram Ġalgorithm Ġcompute Ġmachine Ġintelligence Ġlearning Ġneural Ġdeep Ġgenerative Ġdiffusion Ġlatent Ġnoise Ġsignal Ġchannel Ġcompression Ġredundancy Ġabstraction Ġdeduction Ġinduction Ġreasoning Ġknowledge Ġconcept Ġidea Ġobject Ġsubject Ġpraxis Ġtheoria Ġpoiesis Ġthe Ġand Ġto Ġof Ġa Ġin Ġis Ġthat Ġfor Ġit Ġwith Ġas Ġwas Ġon Ġbe Ġat Ġby Ġthis Ġhave Ġfrom Ġor Ġone Ġhad Ġnot Ġbut Ġwhat Ġall Ġwere Ġwhen Ġwe Ġthere Ġcan Ġan Ġyour Ġwhich Ġtheir Ġsaid Ġif Ġdo Ġwill Ġeach Ġabout Ġhow Ġup Ġout Ġthem Ġthen Ġshe Ġmany Ġsome Ġso Ġthese Ġwould Ġother Ġinto Ġhas Ġmore Ġher Ġtwo Ġlike Ġhim Ġsee Ġtime Ġcould Ġno Ġmake Ġthan Ġfirst Ġbeen Ġits Ġwho Ġnow Ġpeople Ġmy Ġmade Ġover Ġdid Ġdown Ġonly Ġway Ġfind Ġuse Ġmay Ġwater Ġlong Ġlittle Ġvery Ġafter Ġwords Ġcalled Ġjust Ġwhere Ġmost Ġknow Ġget Ġthrough Ġback Ġmuch Ġbefore Ġgo Ġgood Ġnew Ġwrite Ġour Ġused Ġme Ġman Ġtoo Ġany Ġday Ġsame Ġright Ġlook Ġthink Ġalso Ġaround Ġanother Ġcame Ġcome Ġwork Ġthree Ġword Ġmust Ġbecause Ġdoes Ġpart Ġeven Ġplace Ġwell Ġsuch Ġhere Ġtake Ġwhy Ġthings Ġhelp Ġput Ġyears Ġdifferent Ġaway Ġagain Ġoff Ġwent Ġold Ġnumber Ġgreat Ġtell Ġmen Ġsay Ġsmall Ġevery Ġfound Ġstill Ġbetween Ġname Ġshould ĠHome Ġbig Ġgive Ġair Ġline Ġset Ġown Ġunder Ġread Ġlast Ġnever Ġus Ġleft Ġend Ġalong Ġwhile Ġmight Ġnext Ġsound Ġbelow Ġsaw Ġsomething Ġthought Ġboth Ġfew Ġthose Ġalways Ġlooked Ġshow Ġlarge Ġoften Ġtogether Ġasked Ġhouse Ġdon Ġworld Ġgoing Ġwant Ġschool Ġimportant Ġuntil Ġform Ġfood Ġkeep Ġchildren Ġfeet Ġland Ġside Ġwithout Ġboy Ġonce Ġanimals Ġlife Ġenough Ġtook Ġsometimes Ġfour Ġhead Ġabove Ġkind Ġbegan Ġalmost Ġlive Ġpage Ġgot Ġearth Ġneed Ġfar Ġhand Ġhigh Ġyear Ġmother Ġlight Ġparts Ġcountry Ġfather Ġlet Ġnight Ġfollowing Ġpicture Ġbeing Ġstudy Ġsecond Ġeyes Ġsoon Ġtimes Ġstory Ġboys Ġsince Ġwhite Ġdays Ġever Ġpaper Ġhard Ġnear Ġsentence Ġbetter Ġbest Ġacross Ġduring Ġtoday Ġothers Ġhowever Ġsure Ġmeans Ġknew Ġtry Ġtold Ġyoung Ġmiles Ġsun Ġways Ġthing Ġwhole Ġhear Ġexample Ġheard Ġseveral Ġchange Ġanswer Ġroom Ġsea Ġagainst Ġtop Ġturned Ġlearn Ġpoint Ġcity Ġplay Ġtoward Ġfive Ġusing Ġhimself Ġusually Ġmoney Ġseen Ġcar Ġmorning Ġbody Ġupon Ġfamily Ġlater Ġturn Ġmove Ġface Ġdoor Ġcut Ġdone Ġgroup Ġtrue Ġhalf Ġred Ġfish Ġplants Ġliving Ġblack Ġeat Ġshort ĠUnited Ġrun Ġbook Ġgave Ġorder Ġopen Ġground Ġcold Ġreally Ġtable Ġremember Ġtree Ġcourse Ġfront Ġamerican Ġspace Ġinside Ġago Ġsad Ġearly Ġmodel Ġtoken Ġtokenizer Ġarchitecture Ġcomposition Ġsynthesis Ġrepresentation Ġinformation Ġtheory Ġdata Ġlanguage Ġnetwork Ġlayer Ġattention Ġembedding Ġsequence Ġvector Ġmatrix Ġweight Ġbias Ġgradient Ġloss Ġtraining Ġinference Ġprobability Ġdistribution Ġentropy Ġencoding Ġdecoding Ġtransformer Ġposition Ġcontext Ġwindow Ġprompt Ġoutput Ġinput Ġbatch Ġepoch Ġparameter Ġfunction Ġvalue Ġkey Ġquery Ġhead Ġblock Ġresidual Ġnormal Ġdropout Ġsoftmax Ġlogit Ġsample Ġtemperature Ġvocabulary Ġcorpus Ġtext Ġimage Ġpixel Ġpattern Ġtype Ġclass Ġgeometry Ġform Ġspace Ġplan Ġsection Ġelevation Ġfacade Ġcolumn Ġwall Ġroof Ġfloor Ġwindow Ġdoor Ġstair Ġroom Ġcourt Ġaxis Ġgrid Ġmodule Ġunit Ġpart Ġwhole Ġsystem Ġstructure Ġorder Ġproportion Ġsymmetry Ġrhythm Ġscale Ġmaterial Ġconstruction Ġdesign Ġprocess Ġmethod Ġrule Ġgrammar Ġsyntax Ġsemantic Ġmeaning Ġsymbol Ġsign Ġindex Ġicon Ġcode Ġprogram Ġalgorithm Ġcompute Ġmachine Ġintelligence Ġlearning Ġneural Ġdeep Ġgenerative Ġdiffusion Ġlatent Ġnoise Ġsignal Ġchannel Ġcompression Ġredundancy Ġabstraction Ġdeduction Ġinduction Ġreasoning Ġknowledge Ġconcept Ġidea Ġobject Ġsubject Ġpraxis Ġtheoria Ġpoiesis
Figure 42: Large Language Model GPT2, List of Tokens, 2,766 - 20,250 of 50,257 tokens.
92
Model
Model: From Representation to
Synthesis

Model: From Representation to Synthesis examines the development of architectural model-
making through the lens of information theory, arguing that the field is undergoing a
fundamental shift from deductive to inductive reasoning. Historically, architectural types,
from the symmetries of the partii to the standardized units of modernism, created value
by compressing information, deriving complex forms from simple principles. In contrast,
contemporary data-based models induce knowledge by synthesizing form from multiple
sources. This chapter aligns the technical aspects of data and model-making with historical
developments in architectural composition to explore the implications of this transition.
It introduces the concept of tokenization as a key to understanding how buildings can
be represented as data and how this enables new forms of computational analysis and
design. By exploring the differences between historical notions of architectural type and the
capabilities of data-driven models, particularly LLMs, the chapter reveals a paradigm shift
in architectural thinking: from designing through abstraction and deduction to designing
through synthesis and induction. This shift not only transforms the way architects represent
and conceive of buildings but also opens up new possibilities for creating more adaptive,
responsive, and contextually rich environments.

Whole-to-Part: a whole as a representation summing parts.

The asymmetry between physical and virtual domains – meaning the differing logics
that govern our tangible world versus the realm of ideas and representations – has
deep roots in Western classical thought. Aristotle, in perhaps one of the earliest
conceptions of the systematic categorization of classical sciences, divided thinking
into a trinity: praxis (practical action), theoria (observational theory), and poiesis
(the designing act of creation). Following this tripartite framework established in
the Nicomachean Ethics,$^1$ design, as poiesis, has been understood as fundamental to
thought rather than an attribute of objects. Poiesis, unlike the observation inherent
in theoria or the direct engagement of praxis, involves a generative act – a bringing
forth of something new. For architecture, this implies that the design of a building is

93
